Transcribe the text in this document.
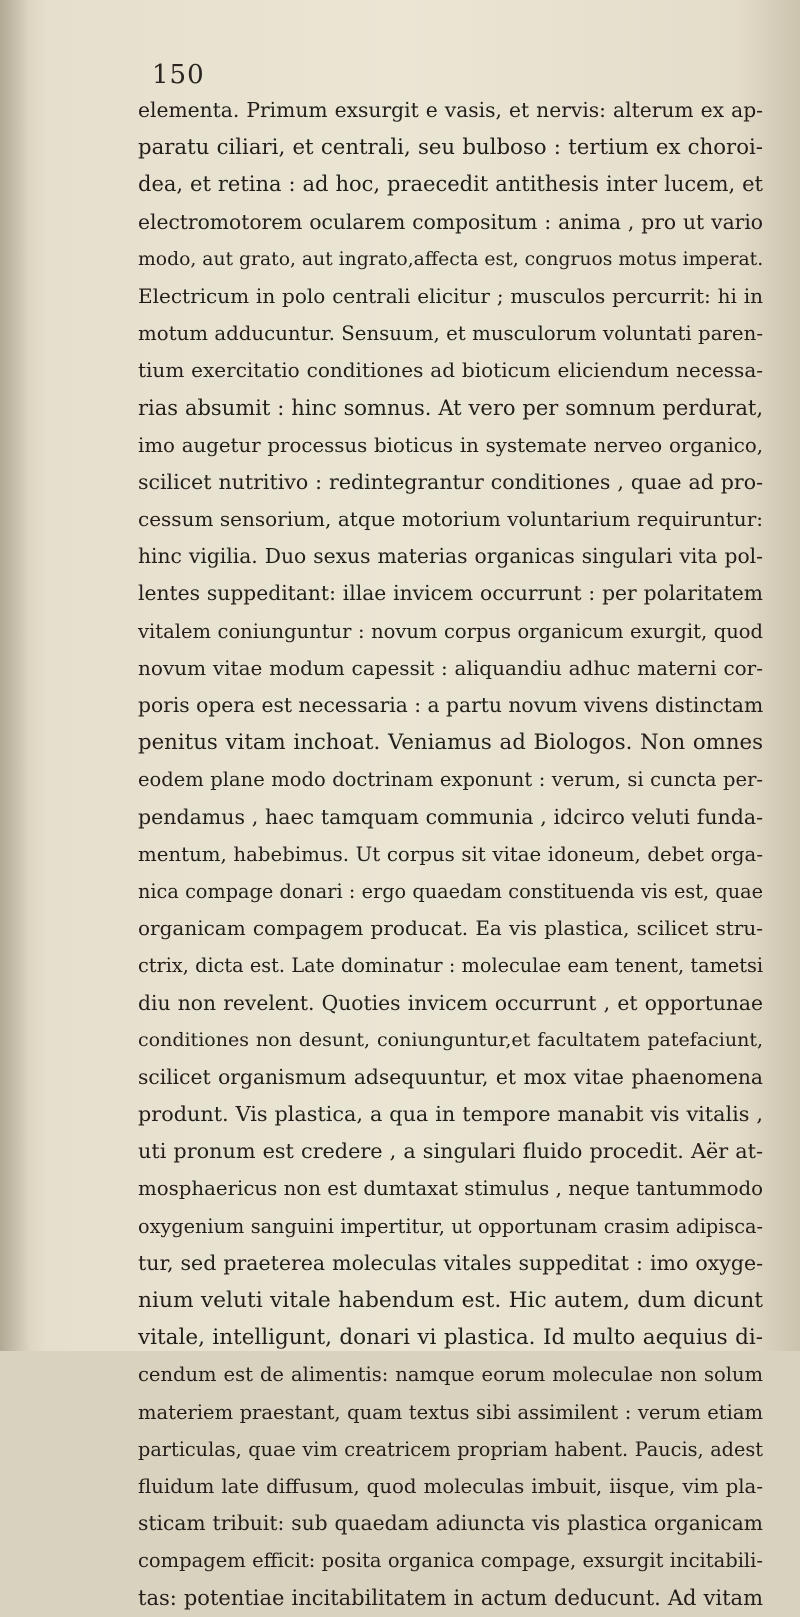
150
elementa. Primum exsurgit e vasis, et nervis: alterum ex ap-
paratu ciliari, et centrali, seu bulboso : tertium ex choroi-
dea, et retina : ad hoc, praecedit antithesis inter lucem, et
electromotorem ocularem compositum : anima , pro ut vario
modo, aut grato, aut ingrato,affecta est, congruos motus imperat.
Electricum in polo centrali elicitur ; musculos percurrit: hi in
motum adducuntur. Sensuum, et musculorum voluntati paren-
tium exercitatio conditiones ad bioticum eliciendum necessa-
rias absumit : hinc somnus. At vero per somnum perdurat,
imo augetur processus bioticus in systemate nerveo organico,
scilicet nutritivo : redintegrantur conditiones , quae ad pro-
cessum sensorium, atque motorium voluntarium requiruntur:
hinc vigilia. Duo sexus materias organicas singulari vita pol-
lentes suppeditant: illae invicem occurrunt : per polaritatem
vitalem coniunguntur : novum corpus organicum exurgit, quod
novum vitae modum capessit : aliquandiu adhuc materni cor-
poris opera est necessaria : a partu novum vivens distinctam
penitus vitam inchoat. Veniamus ad Biologos. Non omnes
eodem plane modo doctrinam exponunt : verum, si cuncta per-
pendamus , haec tamquam communia , idcirco veluti funda-
mentum, habebimus. Ut corpus sit vitae idoneum, debet orga-
nica compage donari : ergo quaedam constituenda vis est, quae
organicam compagem producat. Ea vis plastica, scilicet stru-
ctrix, dicta est. Late dominatur : moleculae eam tenent, tametsi
diu non revelent. Quoties invicem occurrunt , et opportunae
conditiones non desunt, coniunguntur,et facultatem patefaciunt,
scilicet organismum adsequuntur, et mox vitae phaenomena
produnt. Vis plastica, a qua in tempore manabit vis vitalis ,
uti pronum est credere , a singulari fluido procedit. Aër at-
mosphaericus non est dumtaxat stimulus , neque tantummodo
oxygenium sanguini impertitur, ut opportunam crasim adipisca-
tur, sed praeterea moleculas vitales suppeditat : imo oxyge-
nium veluti vitale habendum est. Hic autem, dum dicunt
vitale, intelligunt, donari vi plastica. Id multo aequius di-
cendum est de alimentis: namque eorum moleculae non solum
materiem praestant, quam textus sibi assimilent : verum etiam
particulas, quae vim creatricem propriam habent. Paucis, adest
fluidum late diffusum, quod moleculas imbuit, iisque, vim pla-
sticam tribuit: sub quaedam adiuncta vis plastica organicam
compagem efficit: posita organica compage, exsurgit incitabili-
tas: potentiae incitabilitatem in actum deducunt. Ad vitam
